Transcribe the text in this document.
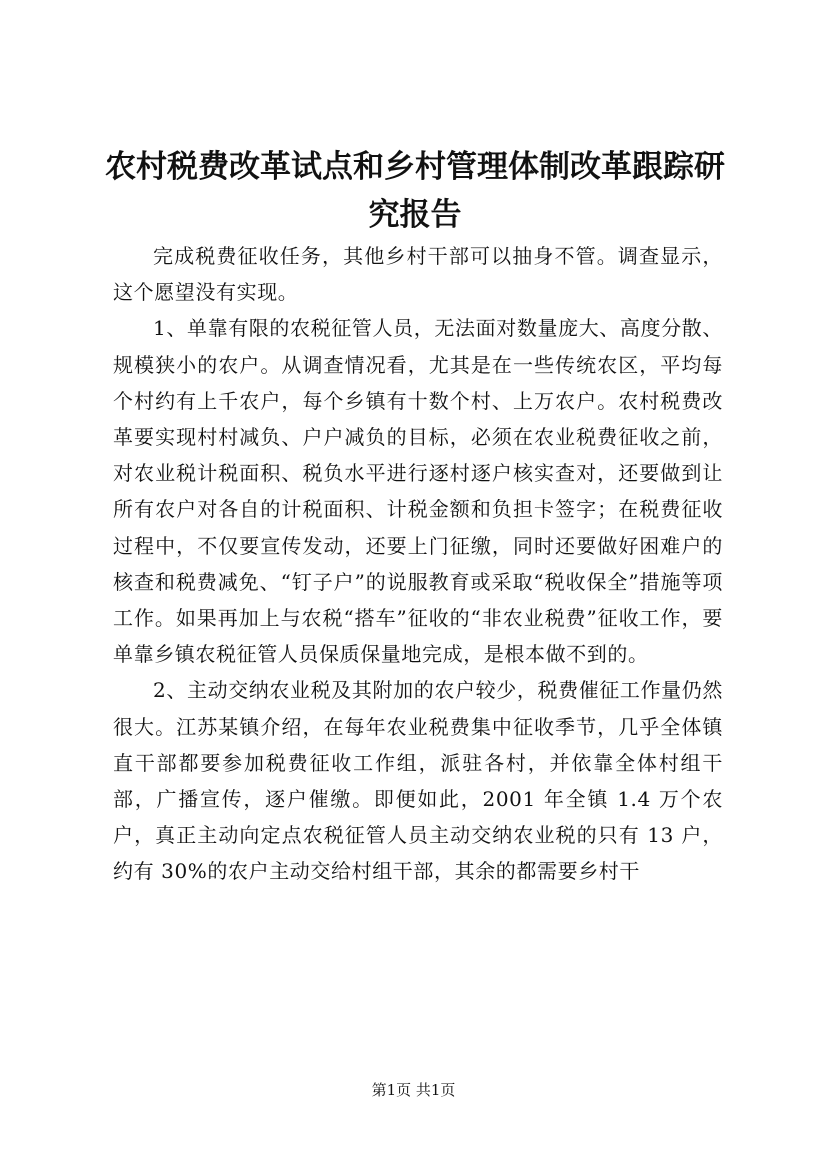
农村税费改革试点和乡村管理体制改革跟踪研究报告

完成税费征收任务，其他乡村干部可以抽身不管。调查显示，这个愿望没有实现。

1、单靠有限的农税征管人员，无法面对数量庞大、高度分散、规模狭小的农户。从调查情况看，尤其是在一些传统农区，平均每个村约有上千农户，每个乡镇有十数个村、上万农户。农村税费改革要实现村村减负、户户减负的目标，必须在农业税费征收之前，对农业税计税面积、税负水平进行逐村逐户核实查对，还要做到让所有农户对各自的计税面积、计税金额和负担卡签字；在税费征收过程中，不仅要宣传发动，还要上门征缴，同时还要做好困难户的核查和税费减免、“钉子户”的说服教育或采取“税收保全”措施等项工作。如果再加上与农税“搭车”征收的“非农业税费”征收工作，要单靠乡镇农税征管人员保质保量地完成，是根本做不到的。

2、主动交纳农业税及其附加的农户较少，税费催征工作量仍然很大。江苏某镇介绍，在每年农业税费集中征收季节，几乎全体镇直干部都要参加税费征收工作组，派驻各村，并依靠全体村组干部，广播宣传，逐户催缴。即便如此，2001 年全镇 1.4 万个农户，真正主动向定点农税征管人员主动交纳农业税的只有 13 户，约有 30%的农户主动交给村组干部，其余的都需要乡村干

第1页 共1页
